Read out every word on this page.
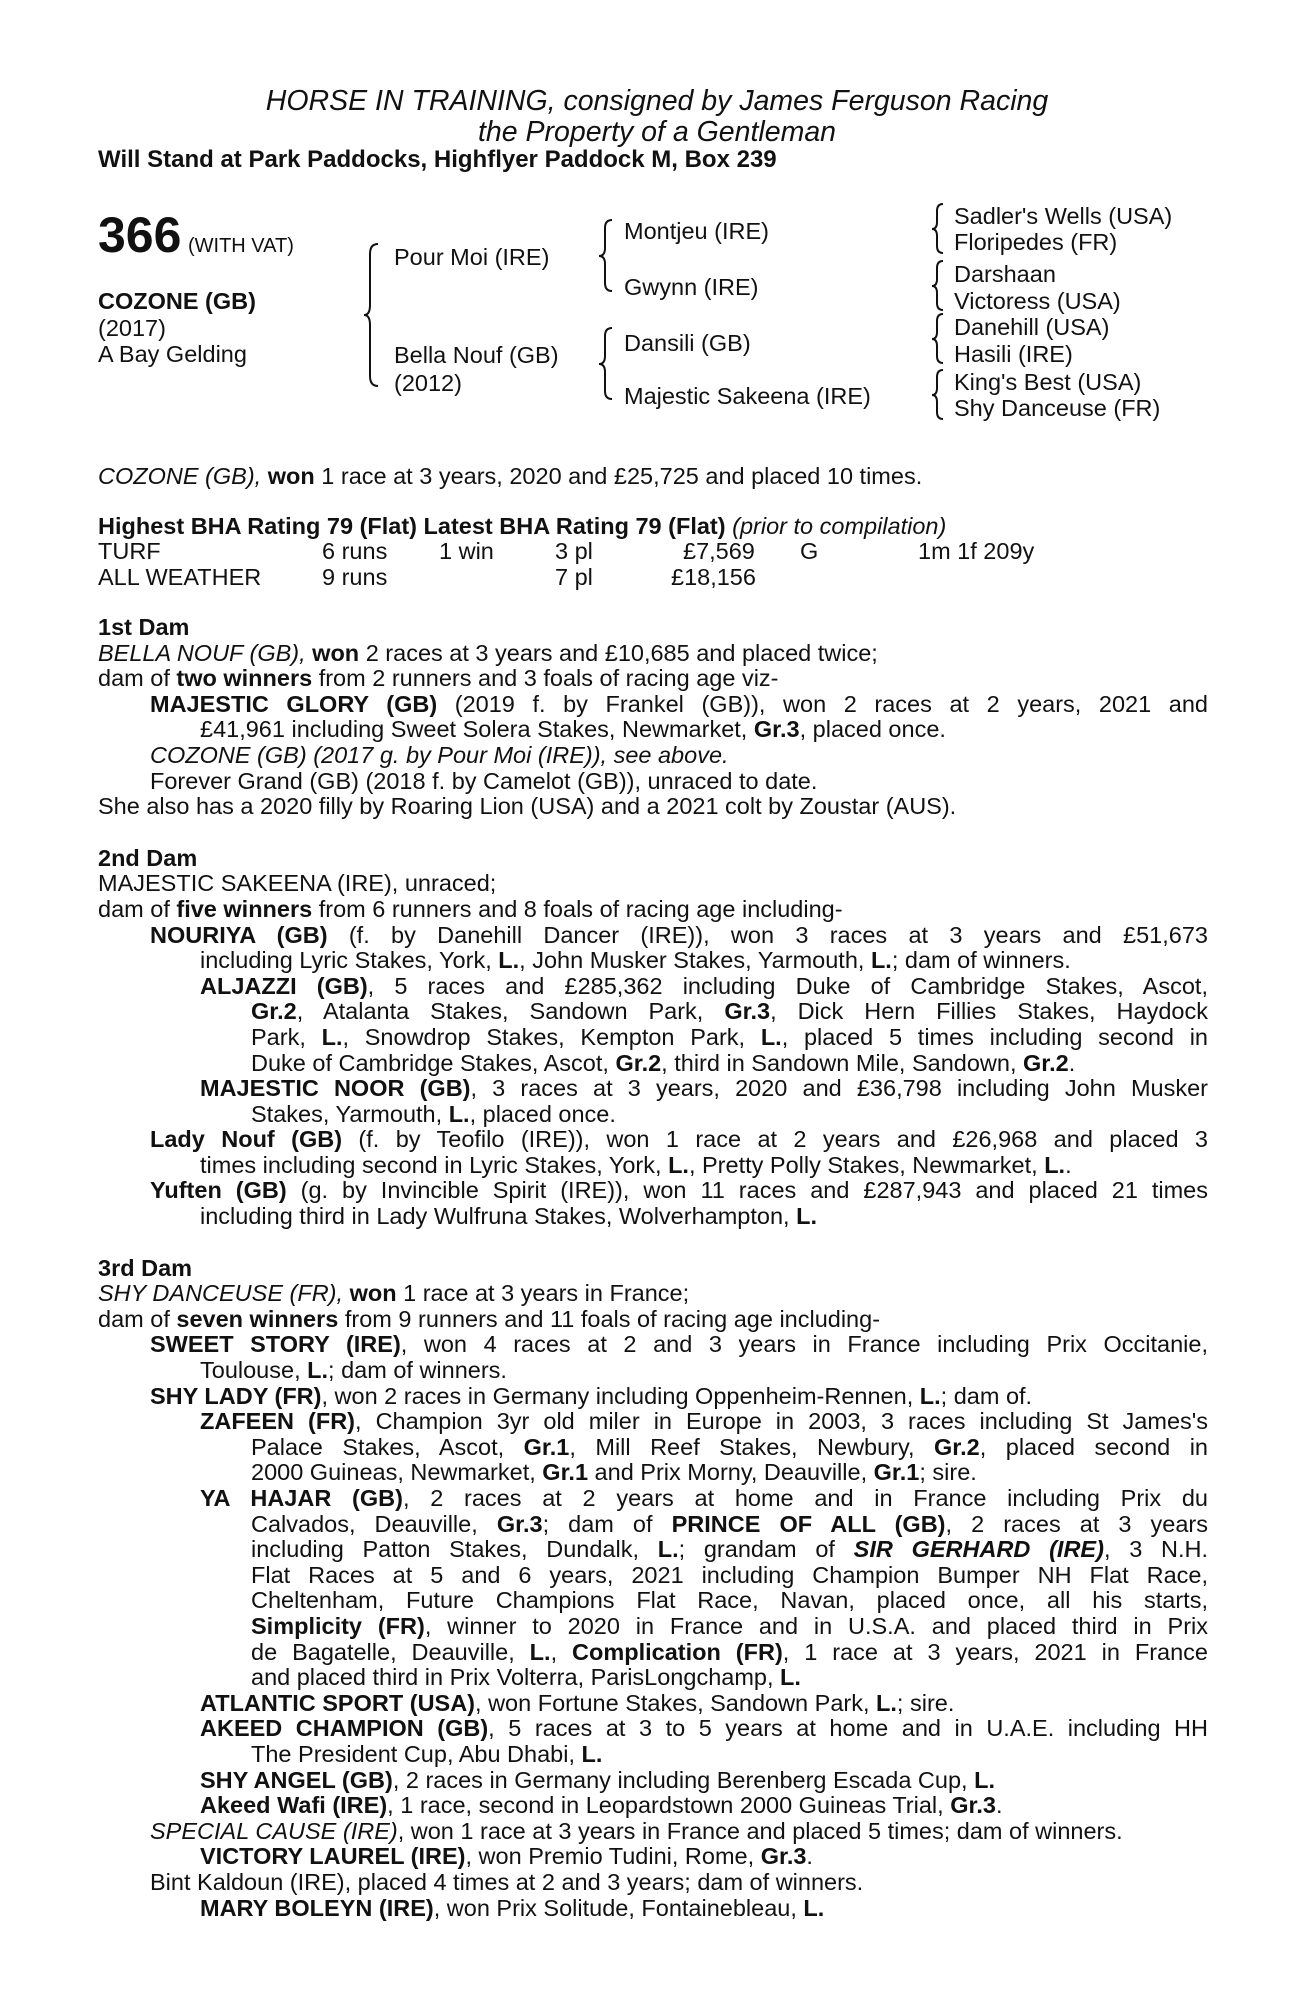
HORSE IN TRAINING, consigned by James Ferguson Racing
the Property of a Gentleman
Will Stand at Park Paddocks, Highflyer Paddock M, Box 239
366 (WITH VAT)
COZONE (GB)
(2017)
A Bay Gelding
Pour Moi (IRE)
Bella Nouf (GB)
(2012)
Montjeu (IRE)
Gwynn (IRE)
Dansili (GB)
Majestic Sakeena (IRE)
Sadler's Wells (USA)
Floripedes (FR)
Darshaan
Victoress (USA)
Danehill (USA)
Hasili (IRE)
King's Best (USA)
Shy Danceuse (FR)
COZONE (GB), won 1 race at 3 years, 2020 and £25,725 and placed 10 times.
Highest BHA Rating 79 (Flat) Latest BHA Rating 79 (Flat) (prior to compilation)
TURF	6 runs 1 win	3 pl	£7,569 G	1m 1f 209y
ALL WEATHER	9 runs	7 pl	£18,156
1st Dam
BELLA NOUF (GB), won 2 races at 3 years and £10,685 and placed twice;
dam of two winners from 2 runners and 3 foals of racing age viz-
MAJESTIC GLORY (GB) (2019 f. by Frankel (GB)), won 2 races at 2 years, 2021 and
£41,961 including Sweet Solera Stakes, Newmarket, Gr.3, placed once.
COZONE (GB) (2017 g. by Pour Moi (IRE)), see above.
Forever Grand (GB) (2018 f. by Camelot (GB)), unraced to date.
She also has a 2020 filly by Roaring Lion (USA) and a 2021 colt by Zoustar (AUS).
2nd Dam
MAJESTIC SAKEENA (IRE), unraced;
dam of five winners from 6 runners and 8 foals of racing age including-
NOURIYA (GB) (f. by Danehill Dancer (IRE)), won 3 races at 3 years and £51,673
including Lyric Stakes, York, L., John Musker Stakes, Yarmouth, L.; dam of winners.
ALJAZZI (GB), 5 races and £285,362 including Duke of Cambridge Stakes, Ascot,
Gr.2, Atalanta Stakes, Sandown Park, Gr.3, Dick Hern Fillies Stakes, Haydock
Park, L., Snowdrop Stakes, Kempton Park, L., placed 5 times including second in
Duke of Cambridge Stakes, Ascot, Gr.2, third in Sandown Mile, Sandown, Gr.2.
MAJESTIC NOOR (GB), 3 races at 3 years, 2020 and £36,798 including John Musker
Stakes, Yarmouth, L., placed once.
Lady Nouf (GB) (f. by Teofilo (IRE)), won 1 race at 2 years and £26,968 and placed 3
times including second in Lyric Stakes, York, L., Pretty Polly Stakes, Newmarket, L..
Yuften (GB) (g. by Invincible Spirit (IRE)), won 11 races and £287,943 and placed 21 times
including third in Lady Wulfruna Stakes, Wolverhampton, L.
3rd Dam
SHY DANCEUSE (FR), won 1 race at 3 years in France;
dam of seven winners from 9 runners and 11 foals of racing age including-
SWEET STORY (IRE), won 4 races at 2 and 3 years in France including Prix Occitanie,
Toulouse, L.; dam of winners.
SHY LADY (FR), won 2 races in Germany including Oppenheim-Rennen, L.; dam of.
ZAFEEN (FR), Champion 3yr old miler in Europe in 2003, 3 races including St James's
Palace Stakes, Ascot, Gr.1, Mill Reef Stakes, Newbury, Gr.2, placed second in
2000 Guineas, Newmarket, Gr.1 and Prix Morny, Deauville, Gr.1; sire.
YA HAJAR (GB), 2 races at 2 years at home and in France including Prix du
Calvados, Deauville, Gr.3; dam of PRINCE OF ALL (GB), 2 races at 3 years
including Patton Stakes, Dundalk, L.; grandam of SIR GERHARD (IRE), 3 N.H.
Flat Races at 5 and 6 years, 2021 including Champion Bumper NH Flat Race,
Cheltenham, Future Champions Flat Race, Navan, placed once, all his starts,
Simplicity (FR), winner to 2020 in France and in U.S.A. and placed third in Prix
de Bagatelle, Deauville, L., Complication (FR), 1 race at 3 years, 2021 in France
and placed third in Prix Volterra, ParisLongchamp, L.
ATLANTIC SPORT (USA), won Fortune Stakes, Sandown Park, L.; sire.
AKEED CHAMPION (GB), 5 races at 3 to 5 years at home and in U.A.E. including HH
The President Cup, Abu Dhabi, L.
SHY ANGEL (GB), 2 races in Germany including Berenberg Escada Cup, L.
Akeed Wafi (IRE), 1 race, second in Leopardstown 2000 Guineas Trial, Gr.3.
SPECIAL CAUSE (IRE), won 1 race at 3 years in France and placed 5 times; dam of winners.
VICTORY LAUREL (IRE), won Premio Tudini, Rome, Gr.3.
Bint Kaldoun (IRE), placed 4 times at 2 and 3 years; dam of winners.
MARY BOLEYN (IRE), won Prix Solitude, Fontainebleau, L.
